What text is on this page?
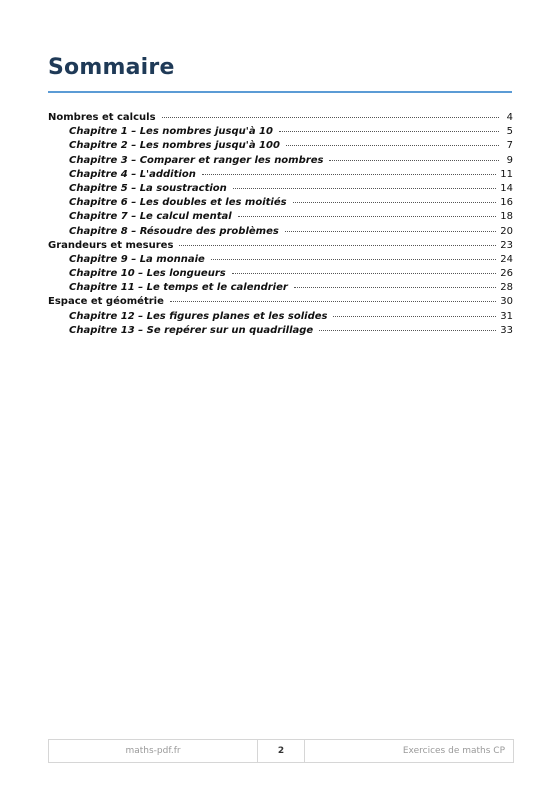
Sommaire
Nombres et calculs	4
Chapitre 1 – Les nombres jusqu'à 10	5
Chapitre 2 – Les nombres jusqu'à 100	7
Chapitre 3 – Comparer et ranger les nombres	9
Chapitre 4 – L'addition	11
Chapitre 5 – La soustraction	14
Chapitre 6 – Les doubles et les moitiés	16
Chapitre 7 – Le calcul mental	18
Chapitre 8 – Résoudre des problèmes	20
Grandeurs et mesures	23
Chapitre 9 – La monnaie	24
Chapitre 10 – Les longueurs	26
Chapitre 11 – Le temps et le calendrier	28
Espace et géométrie	30
Chapitre 12 – Les figures planes et les solides	31
Chapitre 13 – Se repérer sur un quadrillage	33
maths-pdf.fr	2	Exercices de maths CP
